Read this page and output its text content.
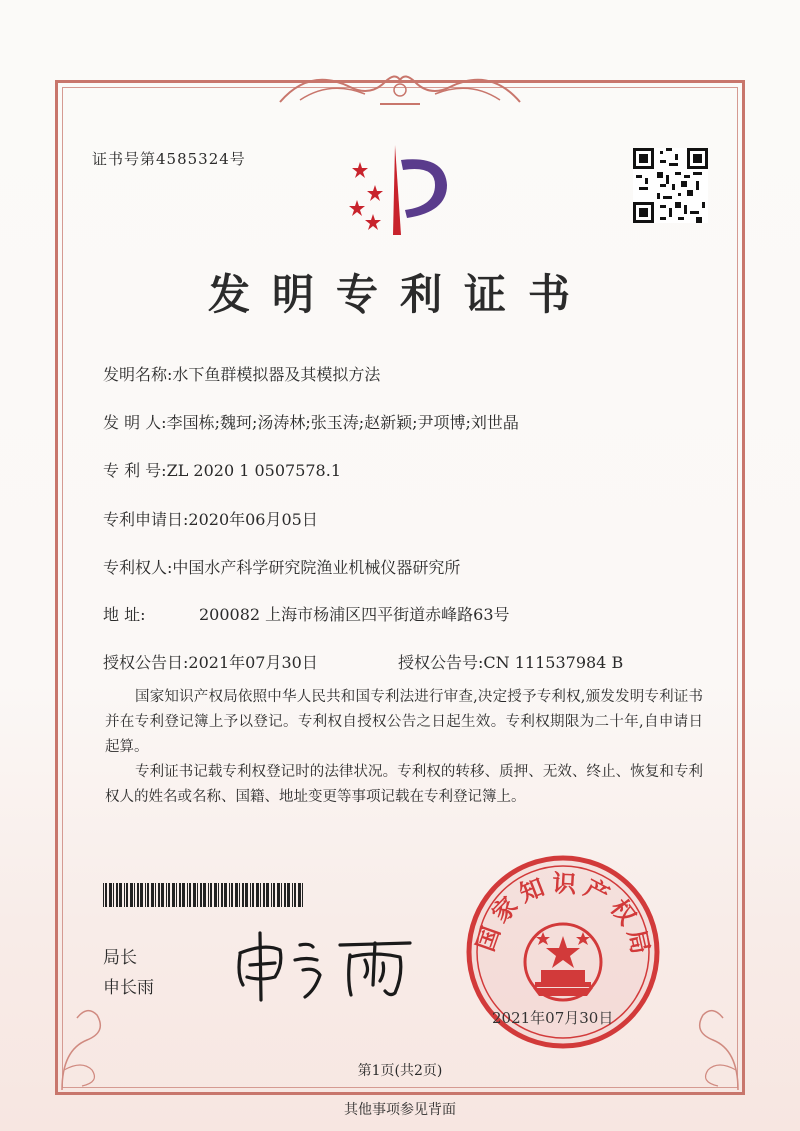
证书号第4585324号
发明专利证书
发明名称:水下鱼群模拟器及其模拟方法
发 明 人:李国栋;魏珂;汤涛林;张玉涛;赵新颖;尹项博;刘世晶
专 利 号:ZL 2020 1 0507578.1
专利申请日:2020年06月05日
专利权人:中国水产科学研究院渔业机械仪器研究所
地 址:	200082 上海市杨浦区四平街道赤峰路63号
授权公告日:2021年07月30日	授权公告号:CN 111537984 B
国家知识产权局依照中华人民共和国专利法进行审查,决定授予专利权,颁发发明专利证书并在专利登记簿上予以登记。专利权自授权公告之日起生效。专利权期限为二十年,自申请日起算。
专利证书记载专利权登记时的法律状况。专利权的转移、质押、无效、终止、恢复和专利权人的姓名或名称、国籍、地址变更等事项记载在专利登记簿上。
局长
申长雨
国家知识产权局
2021年07月30日
第1页(共2页)
其他事项参见背面
